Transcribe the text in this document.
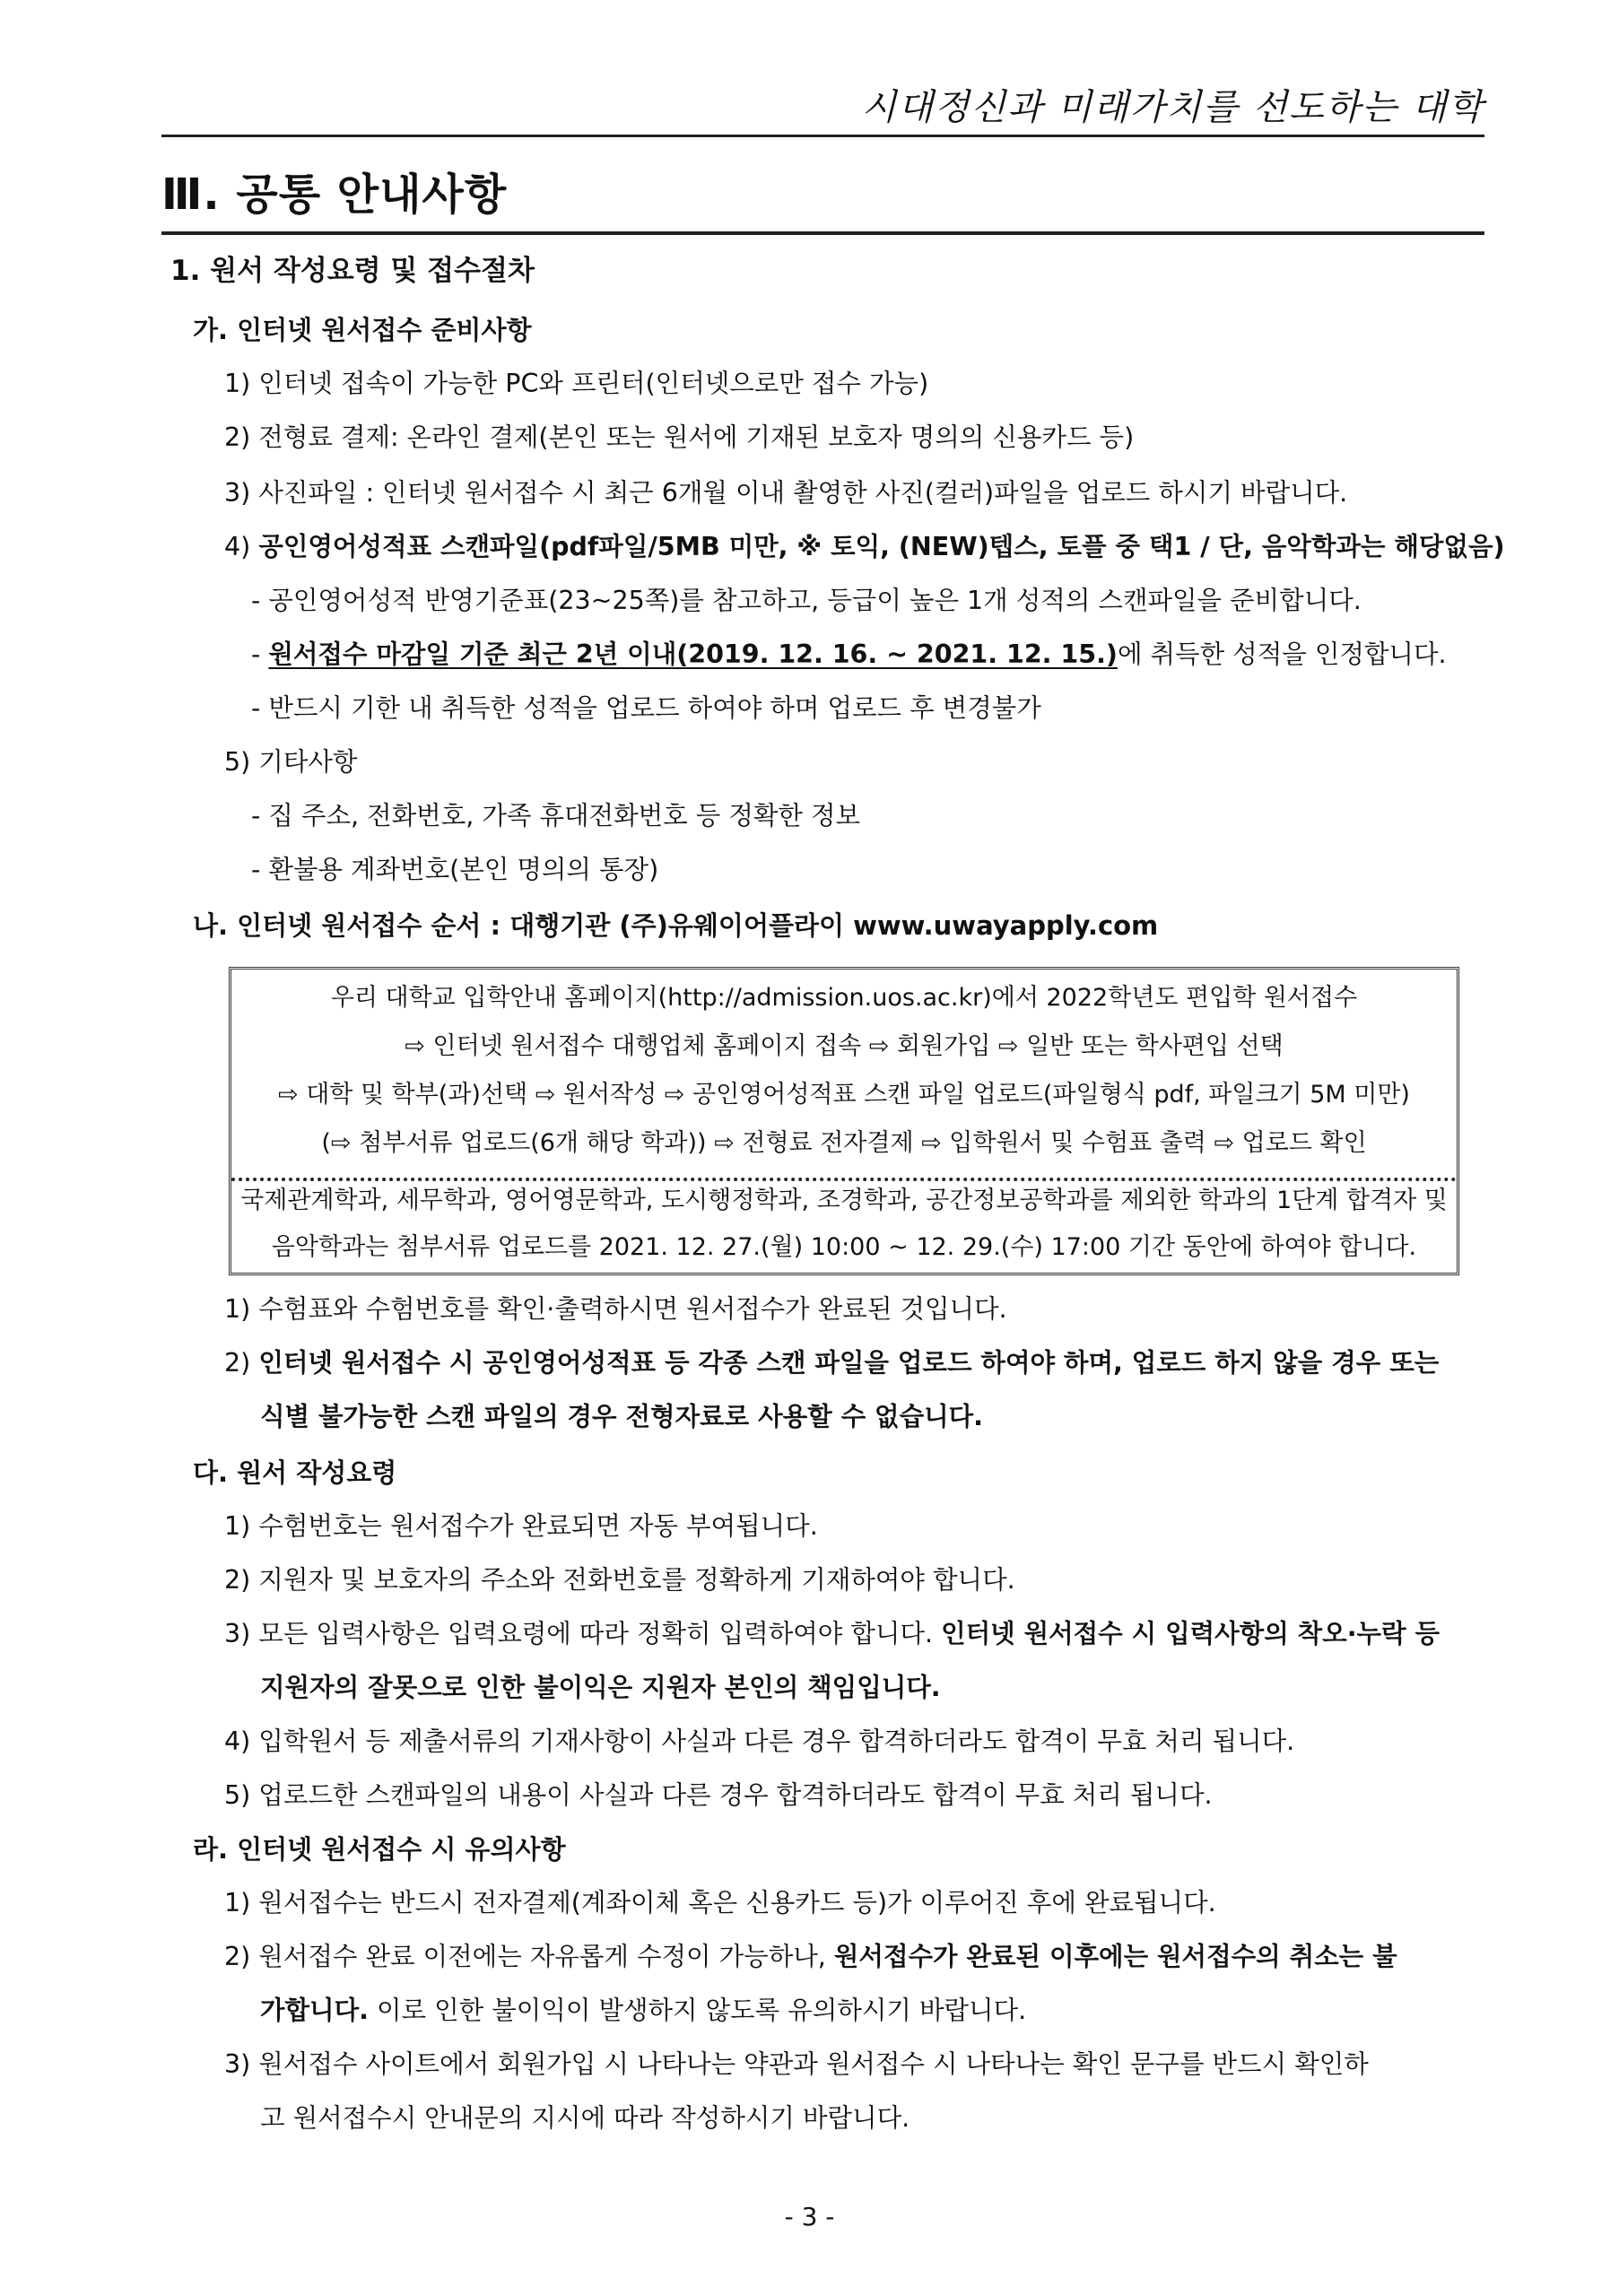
시대정신과 미래가치를 선도하는 대학
Ⅲ. 공통 안내사항
1. 원서 작성요령 및 접수절차
가. 인터넷 원서접수 준비사항
1) 인터넷 접속이 가능한 PC와 프린터(인터넷으로만 접수 가능)
2) 전형료 결제: 온라인 결제(본인 또는 원서에 기재된 보호자 명의의 신용카드 등)
3) 사진파일 : 인터넷 원서접수 시 최근 6개월 이내 촬영한 사진(컬러)파일을 업로드 하시기 바랍니다.
4) 공인영어성적표 스캔파일(pdf파일/5MB 미만, ※ 토익, (NEW)텝스, 토플 중 택1 / 단, 음악학과는 해당없음)
- 공인영어성적 반영기준표(23~25쪽)를 참고하고, 등급이 높은 1개 성적의 스캔파일을 준비합니다.
- 원서접수 마감일 기준 최근 2년 이내(2019. 12. 16. ~ 2021. 12. 15.)에 취득한 성적을 인정합니다.
- 반드시 기한 내 취득한 성적을 업로드 하여야 하며 업로드 후 변경불가
5) 기타사항
- 집 주소, 전화번호, 가족 휴대전화번호 등 정확한 정보
- 환불용 계좌번호(본인 명의의 통장)
나. 인터넷 원서접수 순서 : 대행기관 (주)유웨이어플라이 www.uwayapply.com
우리 대학교 입학안내 홈페이지(http://admission.uos.ac.kr)에서 2022학년도 편입학 원서접수
⇨ 인터넷 원서접수 대행업체 홈페이지 접속 ⇨ 회원가입 ⇨ 일반 또는 학사편입 선택
⇨ 대학 및 학부(과)선택 ⇨ 원서작성 ⇨ 공인영어성적표 스캔 파일 업로드(파일형식 pdf, 파일크기 5M 미만)
(⇨ 첨부서류 업로드(6개 해당 학과)) ⇨ 전형료 전자결제 ⇨ 입학원서 및 수험표 출력 ⇨ 업로드 확인
국제관계학과, 세무학과, 영어영문학과, 도시행정학과, 조경학과, 공간정보공학과를 제외한 학과의 1단계 합격자 및
음악학과는 첨부서류 업로드를 2021. 12. 27.(월) 10:00 ~ 12. 29.(수) 17:00 기간 동안에 하여야 합니다.
1) 수험표와 수험번호를 확인·출력하시면 원서접수가 완료된 것입니다.
2) 인터넷 원서접수 시 공인영어성적표 등 각종 스캔 파일을 업로드 하여야 하며, 업로드 하지 않을 경우 또는
식별 불가능한 스캔 파일의 경우 전형자료로 사용할 수 없습니다.
다. 원서 작성요령
1) 수험번호는 원서접수가 완료되면 자동 부여됩니다.
2) 지원자 및 보호자의 주소와 전화번호를 정확하게 기재하여야 합니다.
3) 모든 입력사항은 입력요령에 따라 정확히 입력하여야 합니다. 인터넷 원서접수 시 입력사항의 착오·누락 등
지원자의 잘못으로 인한 불이익은 지원자 본인의 책임입니다.
4) 입학원서 등 제출서류의 기재사항이 사실과 다른 경우 합격하더라도 합격이 무효 처리 됩니다.
5) 업로드한 스캔파일의 내용이 사실과 다른 경우 합격하더라도 합격이 무효 처리 됩니다.
라. 인터넷 원서접수 시 유의사항
1) 원서접수는 반드시 전자결제(계좌이체 혹은 신용카드 등)가 이루어진 후에 완료됩니다.
2) 원서접수 완료 이전에는 자유롭게 수정이 가능하나, 원서접수가 완료된 이후에는 원서접수의 취소는 불
가합니다. 이로 인한 불이익이 발생하지 않도록 유의하시기 바랍니다.
3) 원서접수 사이트에서 회원가입 시 나타나는 약관과 원서접수 시 나타나는 확인 문구를 반드시 확인하
고 원서접수시 안내문의 지시에 따라 작성하시기 바랍니다.
- 3 -
